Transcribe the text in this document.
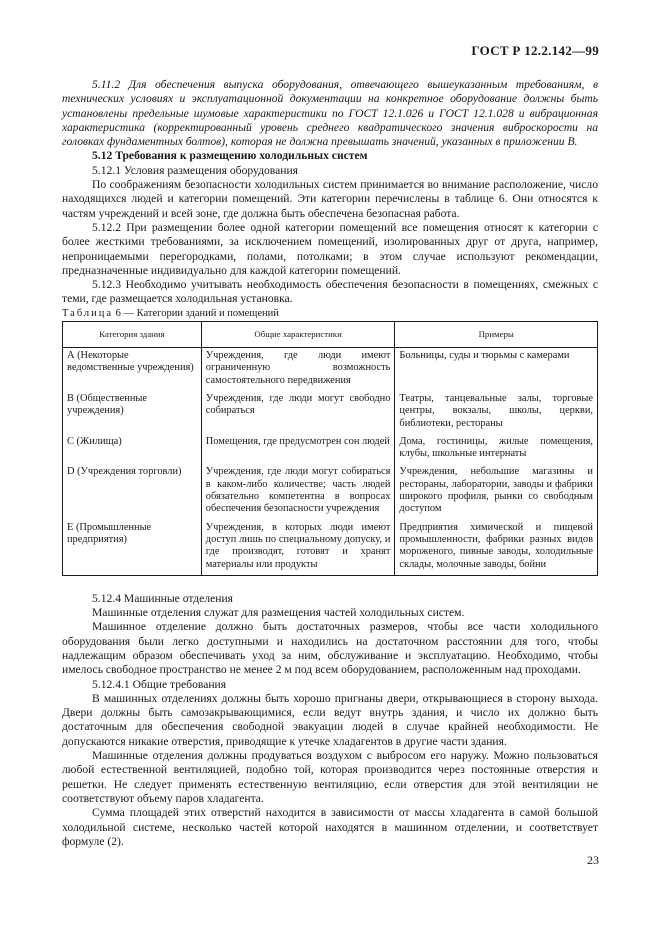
ГОСТ Р 12.2.142—99

5.11.2 Для обеспечения выпуска оборудования, отвечающего вышеуказанным требованиям, в технических условиях и эксплуатационной документации на конкретное оборудование должны быть установлены предельные шумовые характеристики по ГОСТ 12.1.026 и ГОСТ 12.1.028 и вибрационная характеристика (корректированный уровень среднего квадратического значения виброскорости на головках фундаментных болтов), которая не должна превышать значений, указанных в приложении В.

5.12 Требования к размещению холодильных систем

5.12.1 Условия размещения оборудования

По соображениям безопасности холодильных систем принимается во внимание расположение, число находящихся людей и категории помещений. Эти категории перечислены в таблице 6. Они относятся к частям учреждений и всей зоне, где должна быть обеспечена безопасная работа.

5.12.2 При размещении более одной категории помещений все помещения относят к категории с более жесткими требованиями, за исключением помещений, изолированных друг от друга, например, непроницаемыми перегородками, полами, потолками; в этом случае используют рекомендации, предназначенные индивидуально для каждой категории помещений.

5.12.3 Необходимо учитывать необходимость обеспечения безопасности в помещениях, смежных с теми, где размещается холодильная установка.

Таблица 6 — Категории зданий и помещений

Категория здания	Общие характеристики	Примеры
А (Некоторые ведомственные учреждения)	Учреждения, где люди имеют ограниченную возможность самостоятельного передвижения	Больницы, суды и тюрьмы с камерами
В (Общественные учреждения)	Учреждения, где люди могут свободно собираться	Театры, танцевальные залы, торговые центры, вокзалы, школы, церкви, библиотеки, рестораны
С (Жилища)	Помещения, где предусмотрен сон людей	Дома, гостиницы, жилые помещения, клубы, школьные интернаты
D (Учреждения торговли)	Учреждения, где люди могут собираться в каком-либо количестве; часть людей обязательно компетентна в вопросах обеспечения безопасности учреждения	Учреждения, небольшие магазины и рестораны, лаборатории, заводы и фабрики широкого профиля, рынки со свободным доступом
Е (Промышленные предприятия)	Учреждения, в которых люди имеют доступ лишь по специальному допуску, и где производят, готовят и хранят материалы или продукты	Предприятия химической и пищевой промышленности, фабрики разных видов мороженого, пивные заводы, холодильные склады, молочные заводы, бойни

5.12.4 Машинные отделения

Машинные отделения служат для размещения частей холодильных систем.

Машинное отделение должно быть достаточных размеров, чтобы все части холодильного оборудования были легко доступными и находились на достаточном расстоянии для того, чтобы надлежащим образом обеспечивать уход за ним, обслуживание и эксплуатацию. Необходимо, чтобы имелось свободное пространство не менее 2 м под всем оборудованием, расположенным над проходами.

5.12.4.1 Общие требования

В машинных отделениях должны быть хорошо пригнаны двери, открывающиеся в сторону выхода. Двери должны быть самозакрывающимися, если ведут внутрь здания, и число их должно быть достаточным для обеспечения свободной эвакуации людей в случае крайней необходимости. Не допускаются никакие отверстия, приводящие к утечке хладагентов в другие части здания.

Машинные отделения должны продуваться воздухом с выбросом его наружу. Можно пользоваться любой естественной вентиляцией, подобно той, которая производится через постоянные отверстия и решетки. Не следует применять естественную вентиляцию, если отверстия для этой вентиляции не соответствуют объему паров хладагента.

Сумма площадей этих отверстий находится в зависимости от массы хладагента в самой большой холодильной системе, несколько частей которой находятся в машинном отделении, и соответствует формуле (2).

23
